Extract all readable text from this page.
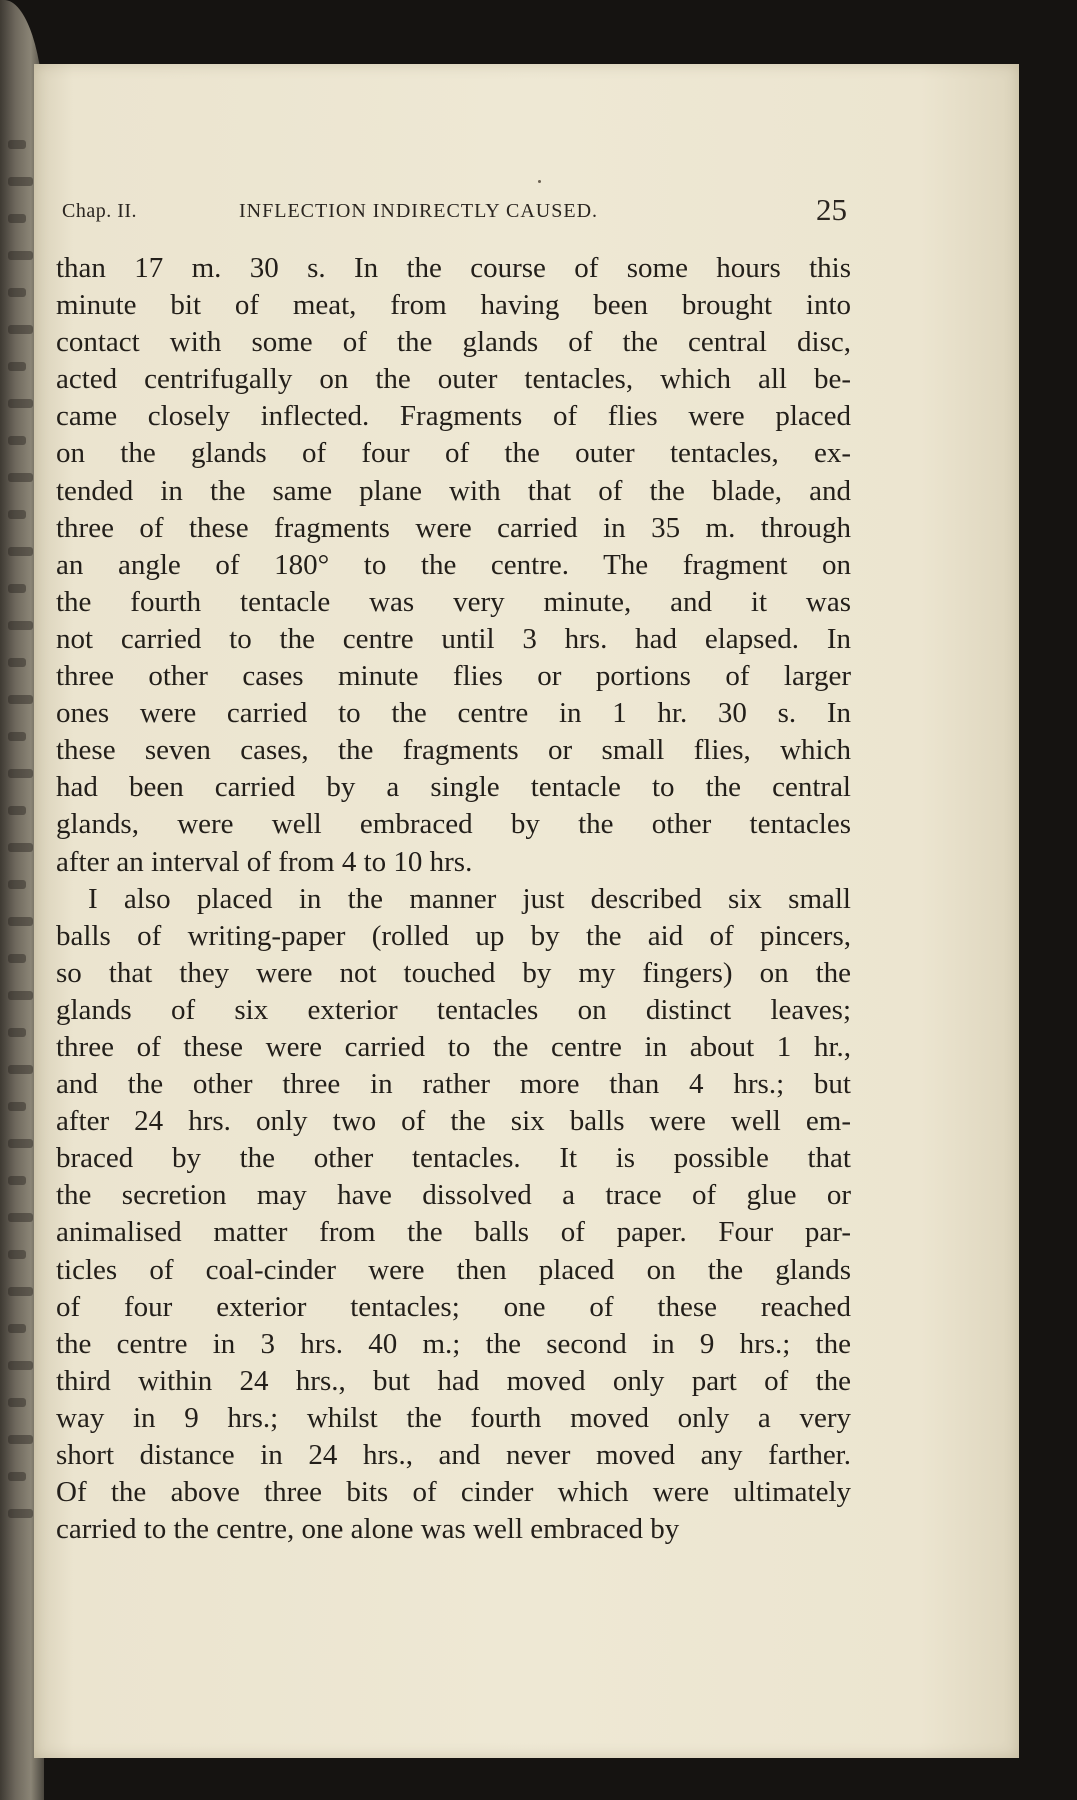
Chap. II.	INFLECTION INDIRECTLY CAUSED.	25
than 17 m. 30 s. In the course of some hours this
minute bit of meat, from having been brought into
contact with some of the glands of the central disc,
acted centrifugally on the outer tentacles, which all be-
came closely inflected. Fragments of flies were placed
on the glands of four of the outer tentacles, ex-
tended in the same plane with that of the blade, and
three of these fragments were carried in 35 m. through
an angle of 180° to the centre. The fragment on
the fourth tentacle was very minute, and it was
not carried to the centre until 3 hrs. had elapsed. In
three other cases minute flies or portions of larger
ones were carried to the centre in 1 hr. 30 s. In
these seven cases, the fragments or small flies, which
had been carried by a single tentacle to the central
glands, were well embraced by the other tentacles
after an interval of from 4 to 10 hrs.
I also placed in the manner just described six small
balls of writing-paper (rolled up by the aid of pincers,
so that they were not touched by my fingers) on the
glands of six exterior tentacles on distinct leaves;
three of these were carried to the centre in about 1 hr.,
and the other three in rather more than 4 hrs.; but
after 24 hrs. only two of the six balls were well em-
braced by the other tentacles. It is possible that
the secretion may have dissolved a trace of glue or
animalised matter from the balls of paper. Four par-
ticles of coal-cinder were then placed on the glands
of four exterior tentacles; one of these reached
the centre in 3 hrs. 40 m.; the second in 9 hrs.; the
third within 24 hrs., but had moved only part of the
way in 9 hrs.; whilst the fourth moved only a very
short distance in 24 hrs., and never moved any farther.
Of the above three bits of cinder which were ultimately
carried to the centre, one alone was well embraced by
